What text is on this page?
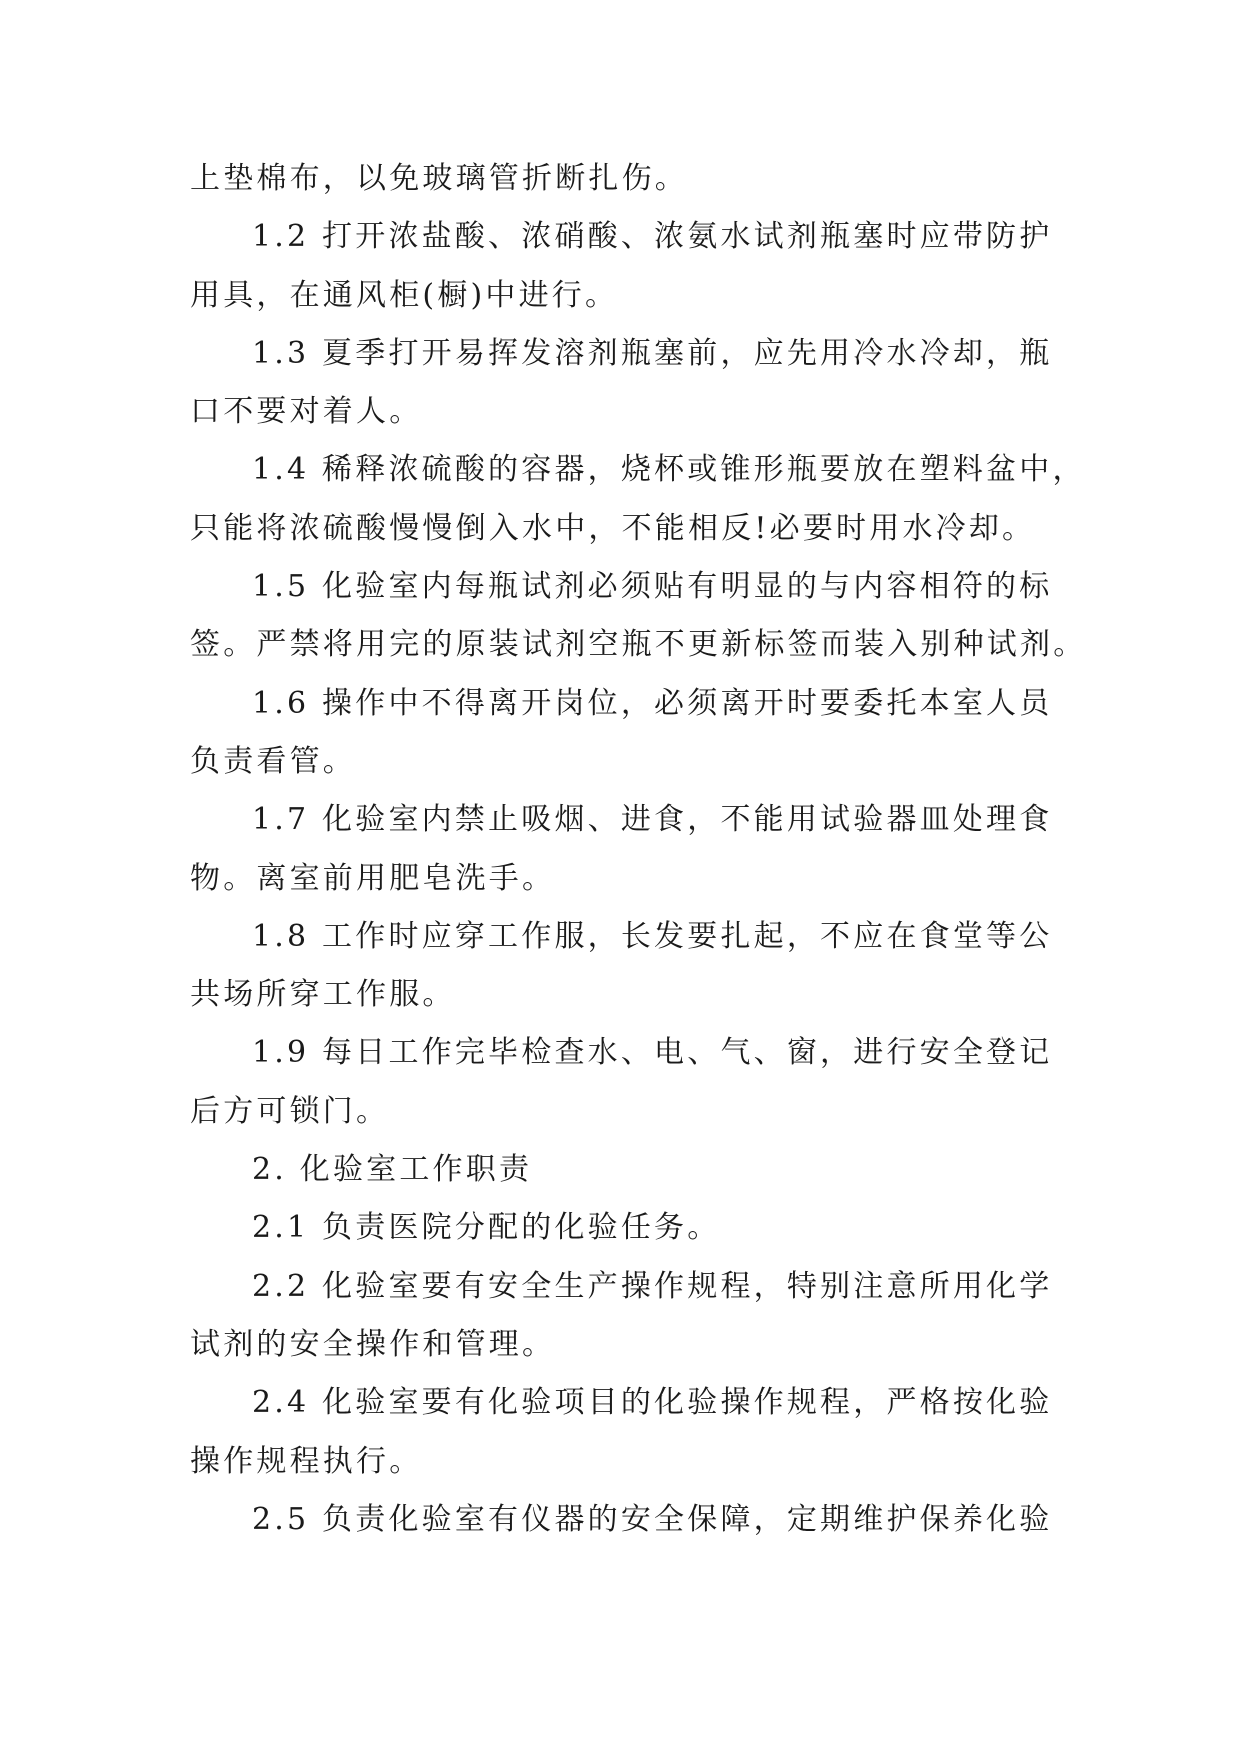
上垫棉布，以免玻璃管折断扎伤。
1.2 打开浓盐酸、浓硝酸、浓氨水试剂瓶塞时应带防护
用具，在通风柜(橱)中进行。
1.3 夏季打开易挥发溶剂瓶塞前，应先用冷水冷却，瓶
口不要对着人。
1.4 稀释浓硫酸的容器，烧杯或锥形瓶要放在塑料盆中，
只能将浓硫酸慢慢倒入水中，不能相反!必要时用水冷却。
1.5 化验室内每瓶试剂必须贴有明显的与内容相符的标
签。严禁将用完的原装试剂空瓶不更新标签而装入别种试剂。
1.6 操作中不得离开岗位，必须离开时要委托本室人员
负责看管。
1.7 化验室内禁止吸烟、进食，不能用试验器皿处理食
物。离室前用肥皂洗手。
1.8 工作时应穿工作服，长发要扎起，不应在食堂等公
共场所穿工作服。
1.9 每日工作完毕检查水、电、气、窗，进行安全登记
后方可锁门。
2. 化验室工作职责
2.1 负责医院分配的化验任务。
2.2 化验室要有安全生产操作规程，特别注意所用化学
试剂的安全操作和管理。
2.4 化验室要有化验项目的化验操作规程，严格按化验
操作规程执行。
2.5 负责化验室有仪器的安全保障，定期维护保养化验
